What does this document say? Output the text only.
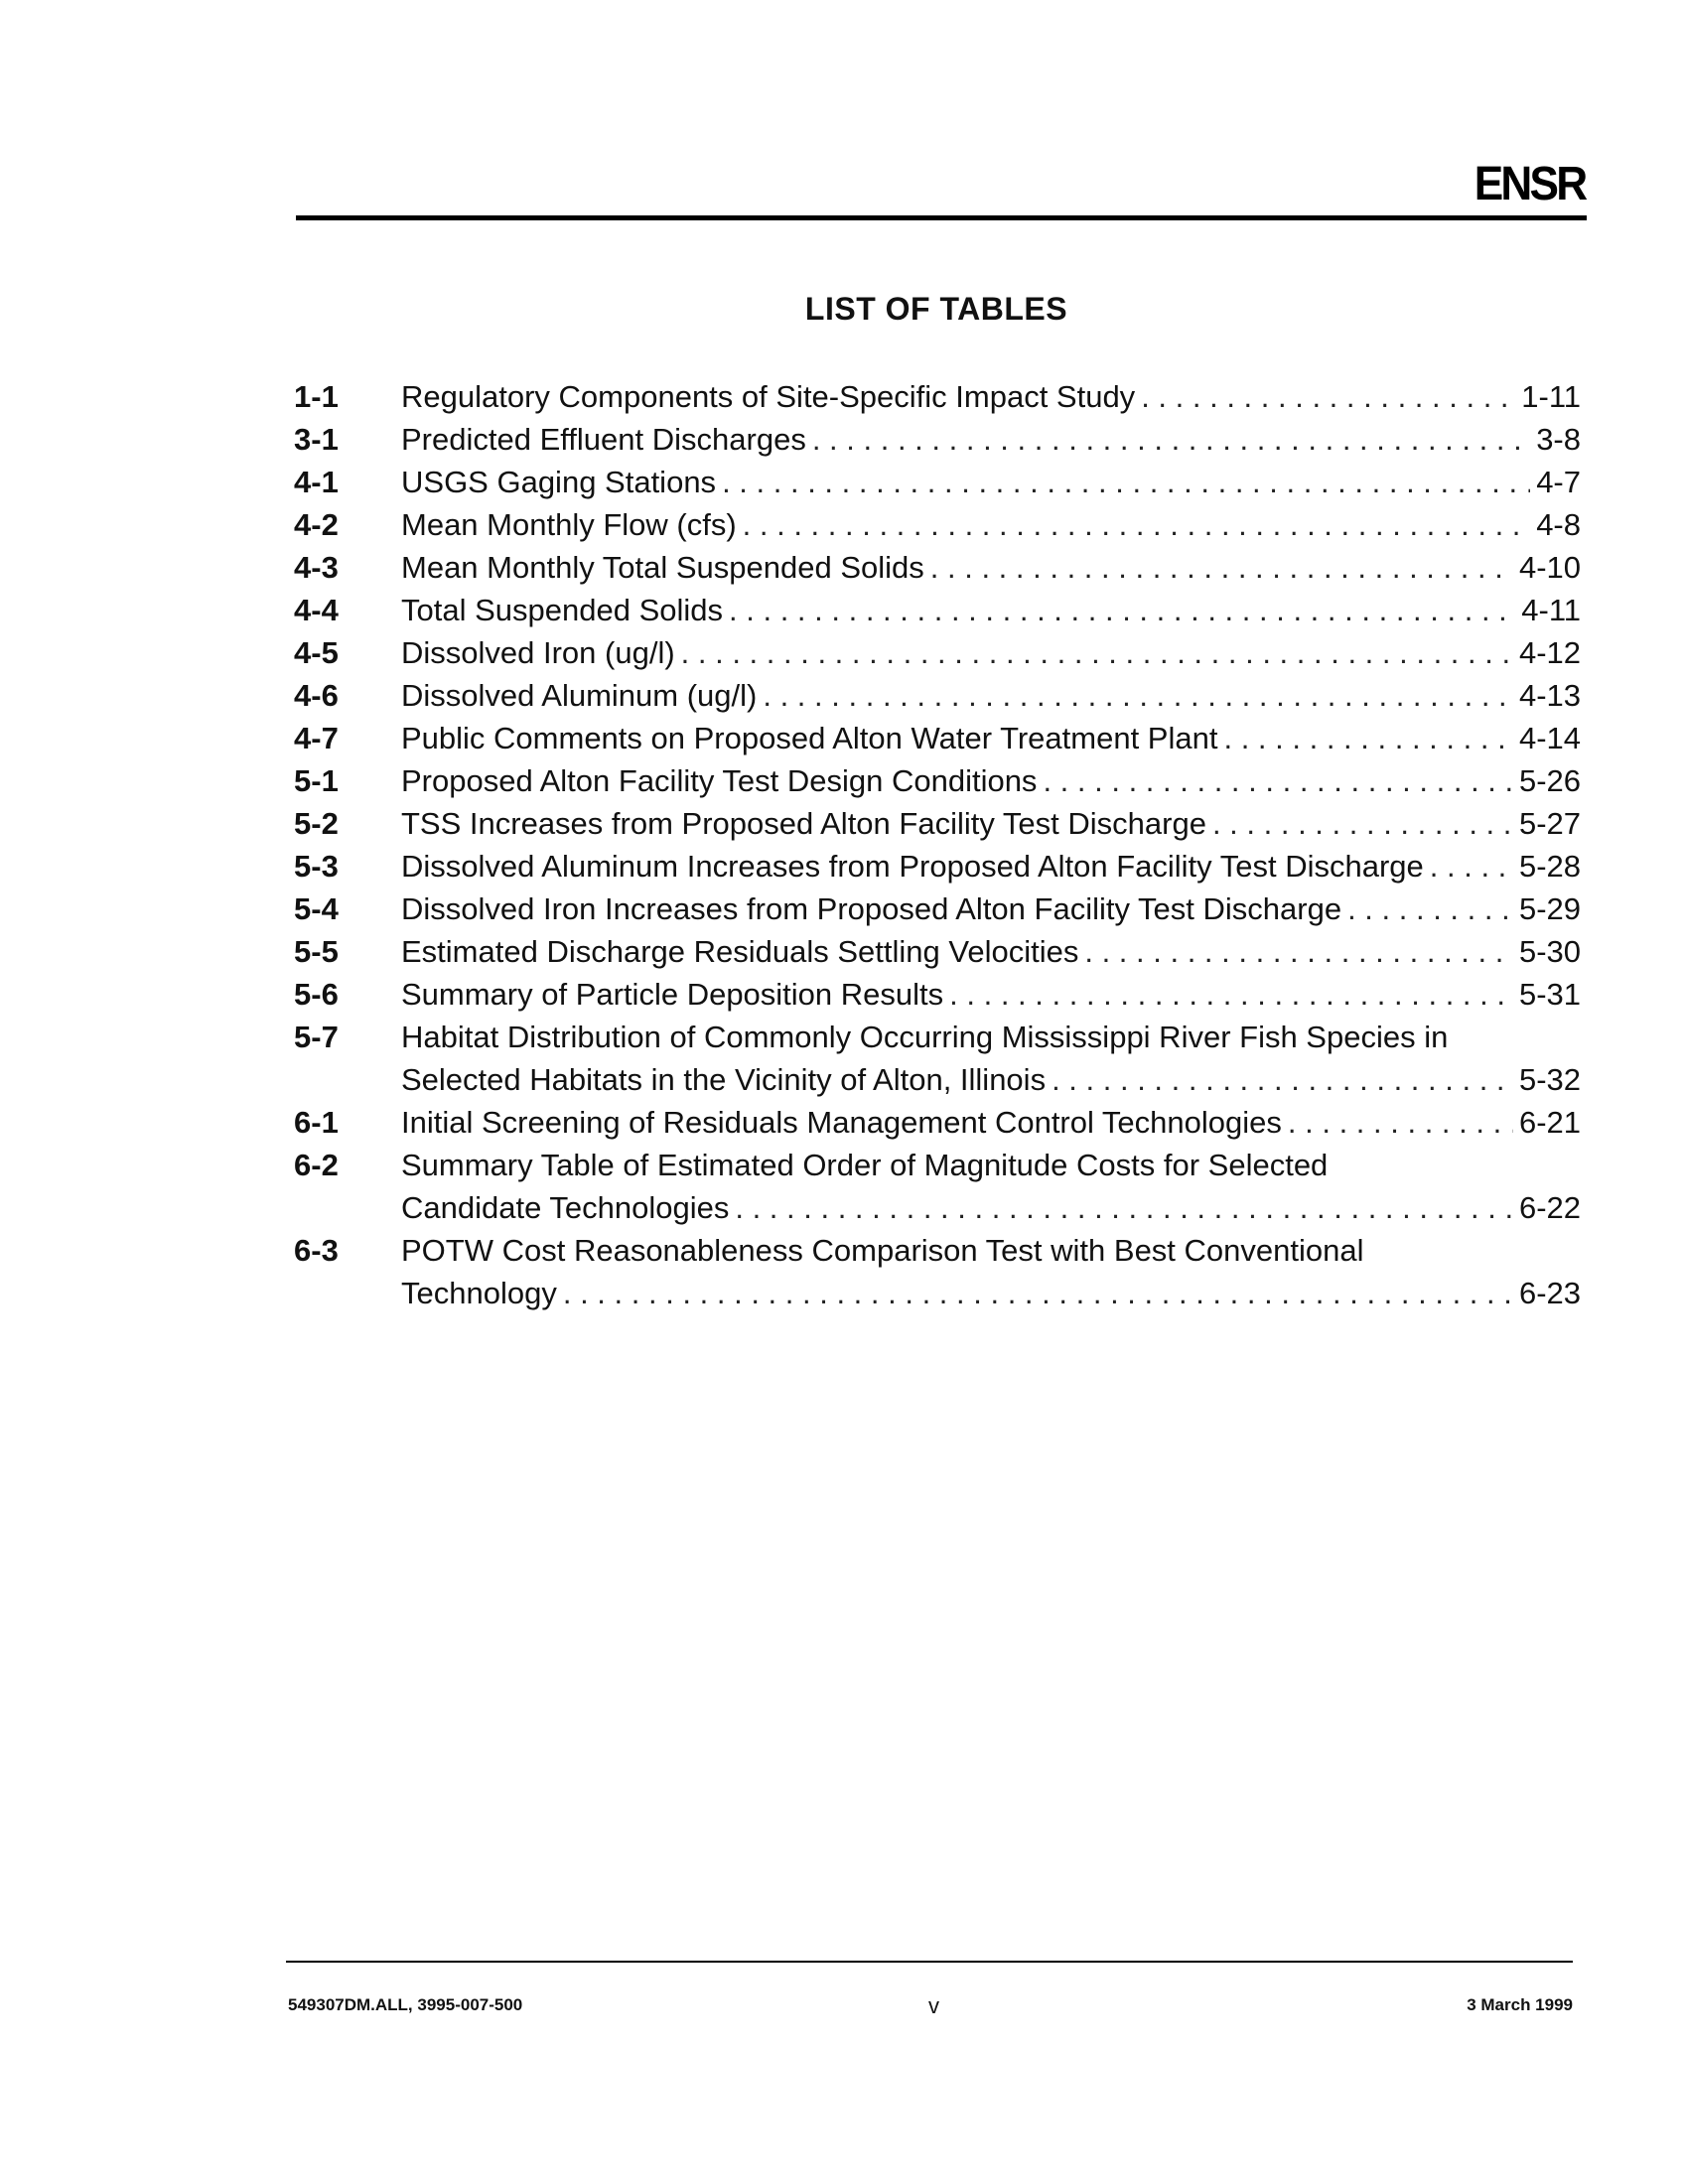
ENSR
LIST OF TABLES
1-1	Regulatory Components of Site-Specific Impact Study . . .	1-11
3-1	Predicted Effluent Discharges . . .	3-8
4-1	USGS Gaging Stations . . .	4-7
4-2	Mean Monthly Flow (cfs) . . .	4-8
4-3	Mean Monthly Total Suspended Solids . . .	4-10
4-4	Total Suspended Solids . . .	4-11
4-5	Dissolved Iron (ug/l) . . .	4-12
4-6	Dissolved Aluminum (ug/l) . . .	4-13
4-7	Public Comments on Proposed Alton Water Treatment Plant . . .	4-14
5-1	Proposed Alton Facility Test Design Conditions . . .	5-26
5-2	TSS Increases from Proposed Alton Facility Test Discharge . . .	5-27
5-3	Dissolved Aluminum Increases from Proposed Alton Facility Test Discharge . . .	5-28
5-4	Dissolved Iron Increases from Proposed Alton Facility Test Discharge . . .	5-29
5-5	Estimated Discharge Residuals Settling Velocities . . .	5-30
5-6	Summary of Particle Deposition Results . . .	5-31
5-7	Habitat Distribution of Commonly Occurring Mississippi River Fish Species in
Selected Habitats in the Vicinity of Alton, Illinois . . .	5-32
6-1	Initial Screening of Residuals Management Control Technologies . . .	6-21
6-2	Summary Table of Estimated Order of Magnitude Costs for Selected
Candidate Technologies . . .	6-22
6-3	POTW Cost Reasonableness Comparison Test with Best Conventional
Technology . . .	6-23
549307DM.ALL, 3995-007-500	v	3 March 1999
